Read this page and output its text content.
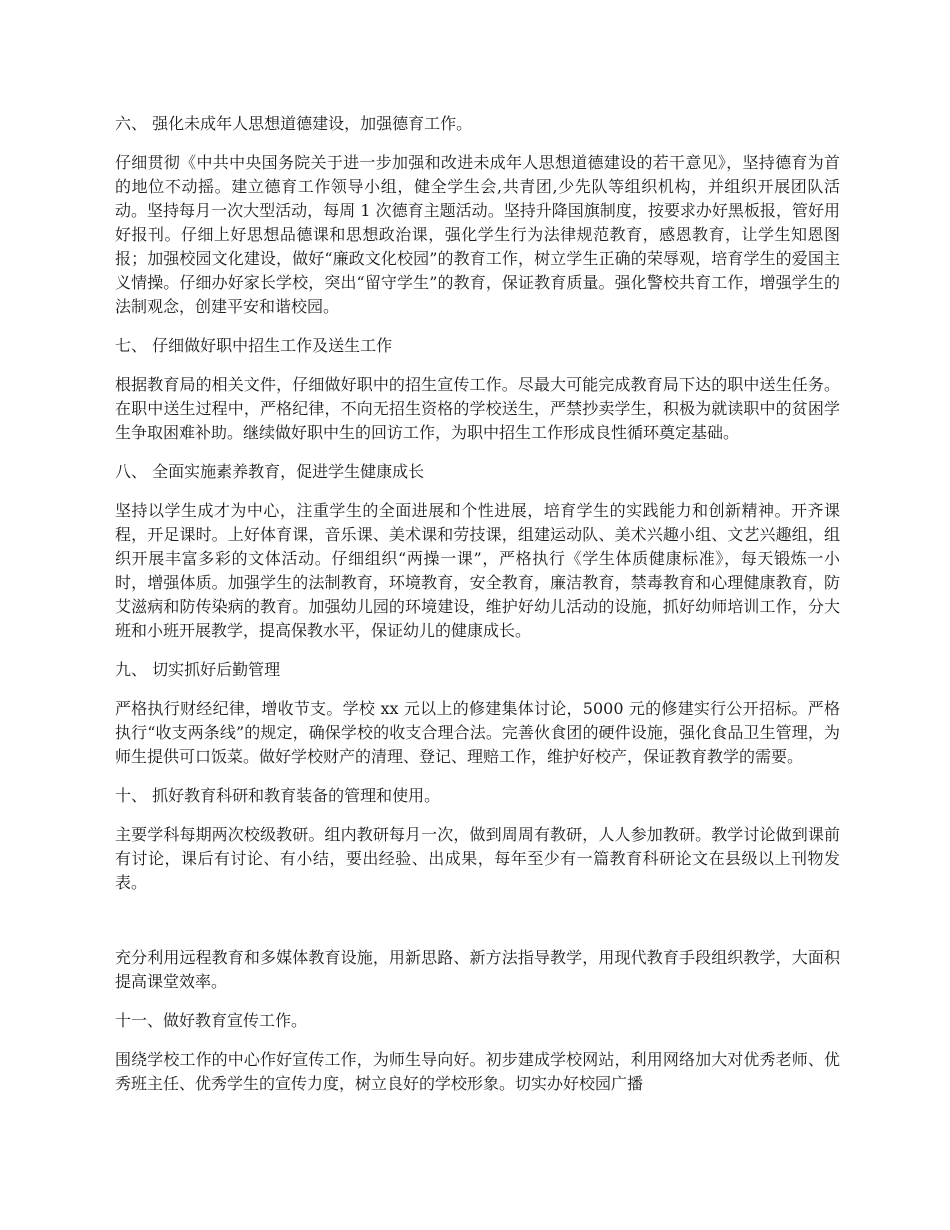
六、 强化未成年人思想道德建设，加强德育工作。

仔细贯彻《中共中央国务院关于进一步加强和改进未成年人思想道德建设的若干意见》，坚持德育为首的地位不动摇。建立德育工作领导小组，健全学生会,共青团,少先队等组织机构，并组织开展团队活动。坚持每月一次大型活动，每周 1 次德育主题活动。坚持升降国旗制度，按要求办好黑板报，管好用好报刊。仔细上好思想品德课和思想政治课，强化学生行为法律规范教育，感恩教育，让学生知恩图报；加强校园文化建设，做好“廉政文化校园”的教育工作，树立学生正确的荣辱观，培育学生的爱国主义情操。仔细办好家长学校，突出“留守学生”的教育，保证教育质量。强化警校共育工作，增强学生的法制观念，创建平安和谐校园。

七、 仔细做好职中招生工作及送生工作

根据教育局的相关文件，仔细做好职中的招生宣传工作。尽最大可能完成教育局下达的职中送生任务。在职中送生过程中，严格纪律，不向无招生资格的学校送生，严禁抄卖学生，积极为就读职中的贫困学生争取困难补助。继续做好职中生的回访工作，为职中招生工作形成良性循环奠定基础。

八、 全面实施素养教育，促进学生健康成长

坚持以学生成才为中心，注重学生的全面进展和个性进展，培育学生的实践能力和创新精神。开齐课程，开足课时。上好体育课，音乐课、美术课和劳技课，组建运动队、美术兴趣小组、文艺兴趣组，组织开展丰富多彩的文体活动。仔细组织“两操一课”，严格执行《学生体质健康标准》，每天锻炼一小时，增强体质。加强学生的法制教育，环境教育，安全教育，廉洁教育，禁毒教育和心理健康教育，防艾滋病和防传染病的教育。加强幼儿园的环境建设，维护好幼儿活动的设施，抓好幼师培训工作，分大班和小班开展教学，提高保教水平，保证幼儿的健康成长。

九、 切实抓好后勤管理

严格执行财经纪律，增收节支。学校 xx 元以上的修建集体讨论，5000 元的修建实行公开招标。严格执行“收支两条线”的规定，确保学校的收支合理合法。完善伙食团的硬件设施，强化食品卫生管理，为师生提供可口饭菜。做好学校财产的清理、登记、理赔工作，维护好校产，保证教育教学的需要。

十、 抓好教育科研和教育装备的管理和使用。

主要学科每期两次校级教研。组内教研每月一次，做到周周有教研，人人参加教研。教学讨论做到课前有讨论，课后有讨论、有小结，要出经验、出成果，每年至少有一篇教育科研论文在县级以上刊物发表。

充分利用远程教育和多媒体教育设施，用新思路、新方法指导教学，用现代教育手段组织教学，大面积提高课堂效率。

十一、做好教育宣传工作。

围绕学校工作的中心作好宣传工作，为师生导向好。初步建成学校网站，利用网络加大对优秀老师、优秀班主任、优秀学生的宣传力度，树立良好的学校形象。切实办好校园广播
